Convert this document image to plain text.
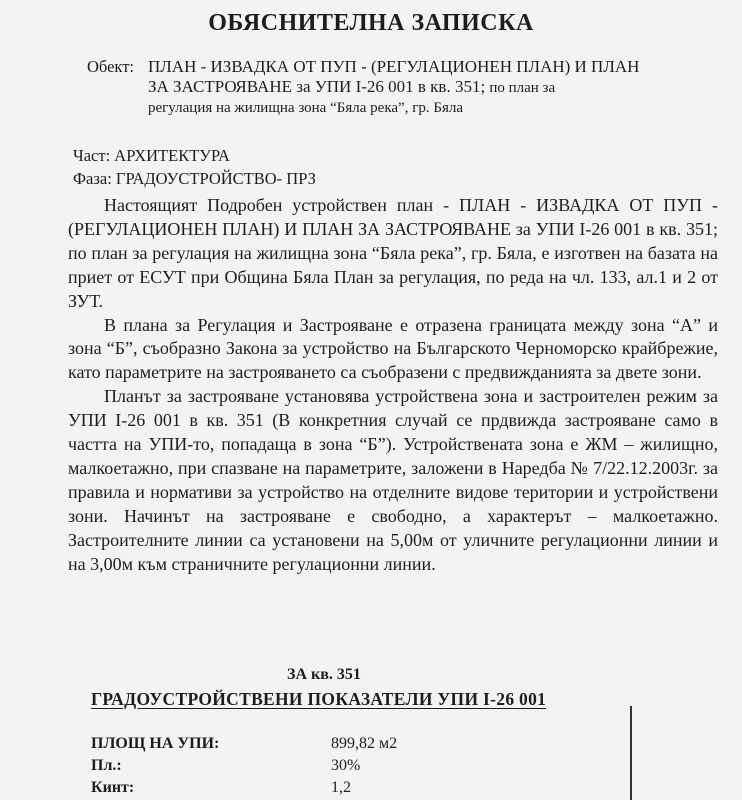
ОБЯСНИТЕЛНА ЗАПИСКА
Обект: ПЛАН - ИЗВАДКА ОТ ПУП - (РЕГУЛАЦИОНЕН ПЛАН) И ПЛАН
ЗА ЗАСТРОЯВАНЕ за УПИ І-26 001 в кв. 351; по план за
регулация на жилищна зона “Бяла река”, гр. Бяла
Част: АРХИТЕКТУРА
Фаза: ГРАДОУСТРОЙСТВО- ПРЗ

Настоящият Подробен устройствен план - ПЛАН - ИЗВАДКА ОТ ПУП - (РЕГУЛАЦИОНЕН ПЛАН) И ПЛАН ЗА ЗАСТРОЯВАНЕ за УПИ І-26 001 в кв. 351; по план за регулация на жилищна зона “Бяла река”, гр. Бяла, е изготвен на базата на приет от ЕСУТ при Община Бяла План за регулация, по реда на чл. 133, ал.1 и 2 от ЗУТ.

В плана за Регулация и Застрояване е отразена границата между зона “А” и зона “Б”, съобразно Закона за устройство на Българското Черноморско крайбрежие, като параметрите на застрояването са съобразени с предвижданията за двете зони.

Планът за застрояване установява устройствена зона и застроителен режим за УПИ І-26 001 в кв. 351 (В конкретния случай се прдвижда застрояване само в частта на УПИ-то, попадаща в зона “Б”). Устройствената зона е ЖМ – жилищно, малкоетажно, при спазване на параметрите, заложени в Наредба № 7/22.12.2003г. за правила и нормативи за устройство на отделните видове територии и устройствени зони. Начинът на застрояване е свободно, а характерът – малкоетажно. Застроителните линии са установени на 5,00м от уличните регулационни линии и на 3,00м към страничните регулационни линии.

ЗА кв. 351
ГРАДОУСТРОЙСТВЕНИ ПОКАЗАТЕЛИ УПИ І-26 001
ПЛОЩ НА УПИ:	899,82 м2
Пл.:	30%
Кинт:	1,2
